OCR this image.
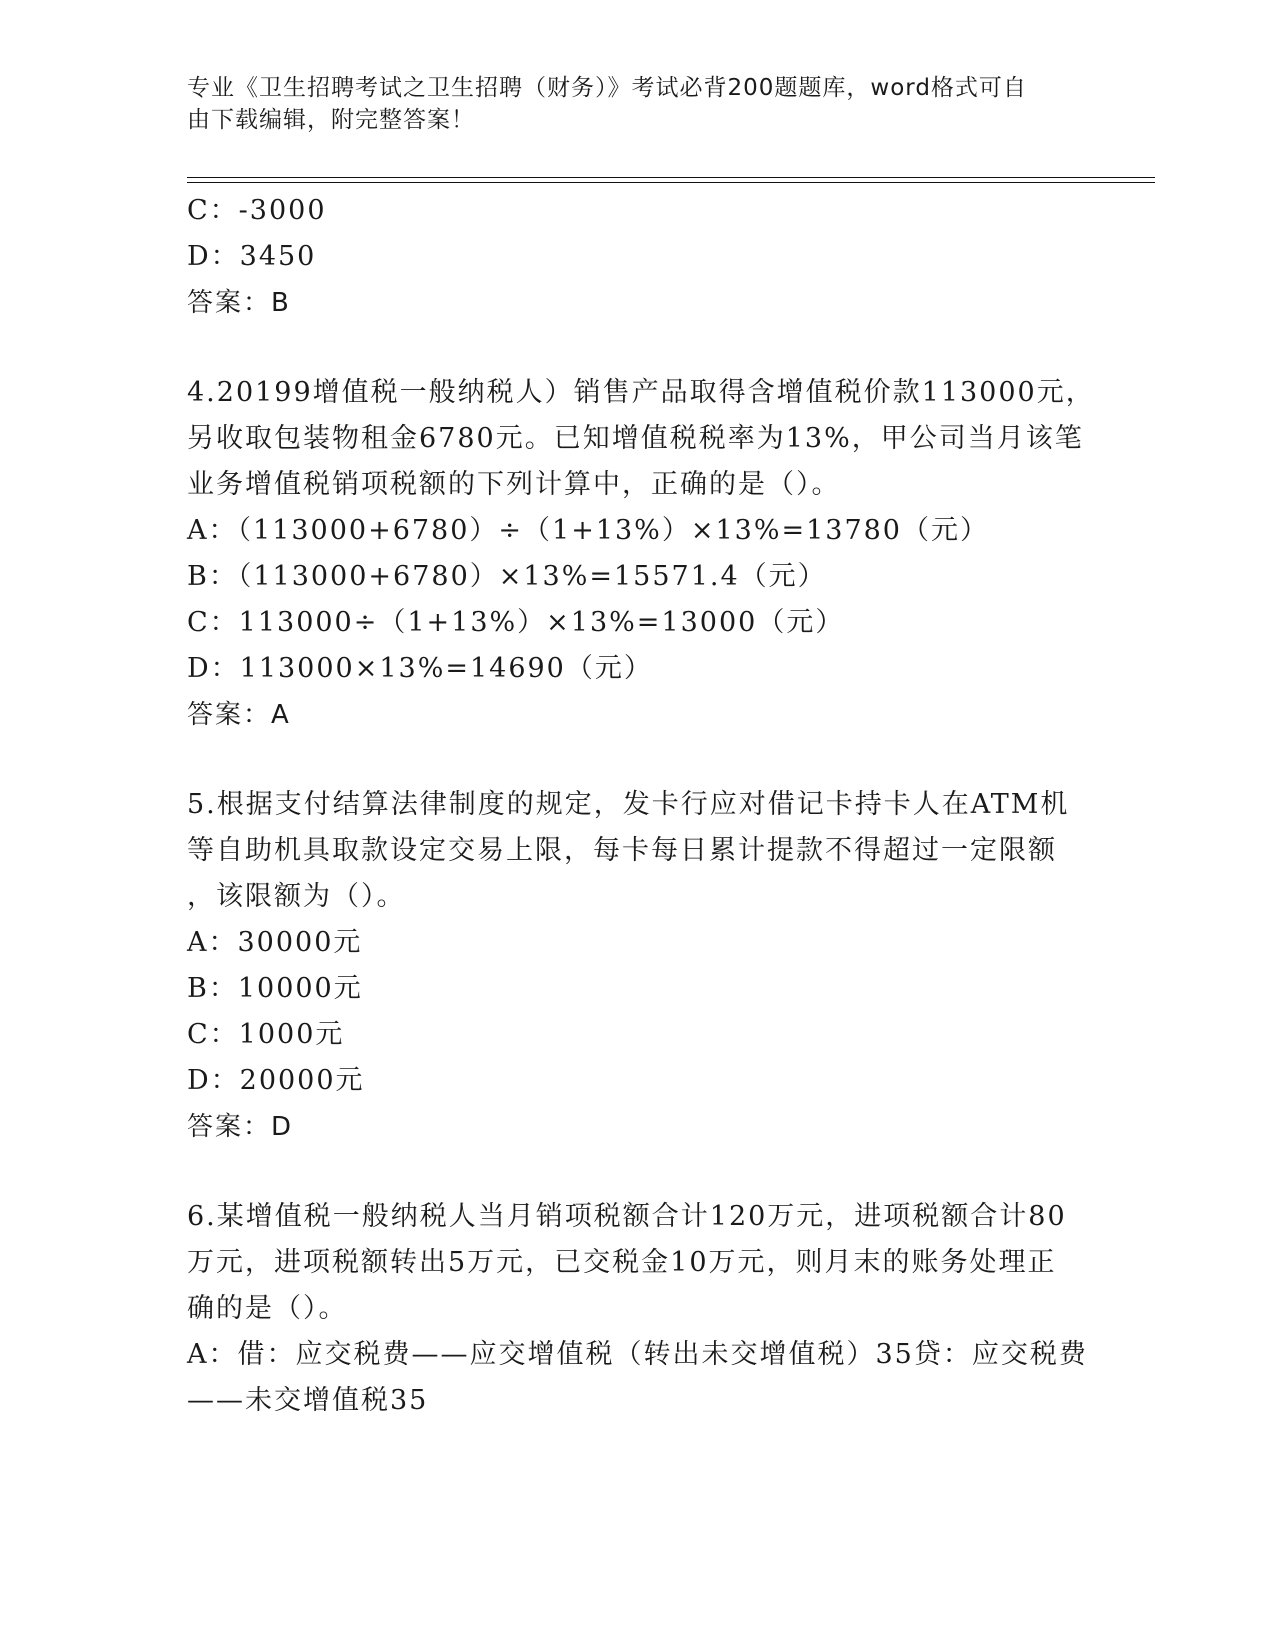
专业《卫生招聘考试之卫生招聘（财务）》考试必背200题题库，word格式可自
由下载编辑，附完整答案！
C：-3000
D：3450
答案：B
4.20199增值税一般纳税人）销售产品取得含增值税价款113000元，
另收取包装物租金6780元。已知增值税税率为13%，甲公司当月该笔
业务增值税销项税额的下列计算中，正确的是（）。
A：（113000+6780）÷（1+13%）×13%=13780（元）
B：（113000+6780）×13%=15571.4（元）
C：113000÷（1+13%）×13%=13000（元）
D：113000×13%=14690（元）
答案：A
5.根据支付结算法律制度的规定，发卡行应对借记卡持卡人在ATM机
等自助机具取款设定交易上限，每卡每日累计提款不得超过一定限额
，该限额为（）。
A：30000元
B：10000元
C：1000元
D：20000元
答案：D
6.某增值税一般纳税人当月销项税额合计120万元，进项税额合计80
万元，进项税额转出5万元，已交税金10万元，则月末的账务处理正
确的是（）。
A：借：应交税费——应交增值税（转出未交增值税）35贷：应交税费
——未交增值税35
